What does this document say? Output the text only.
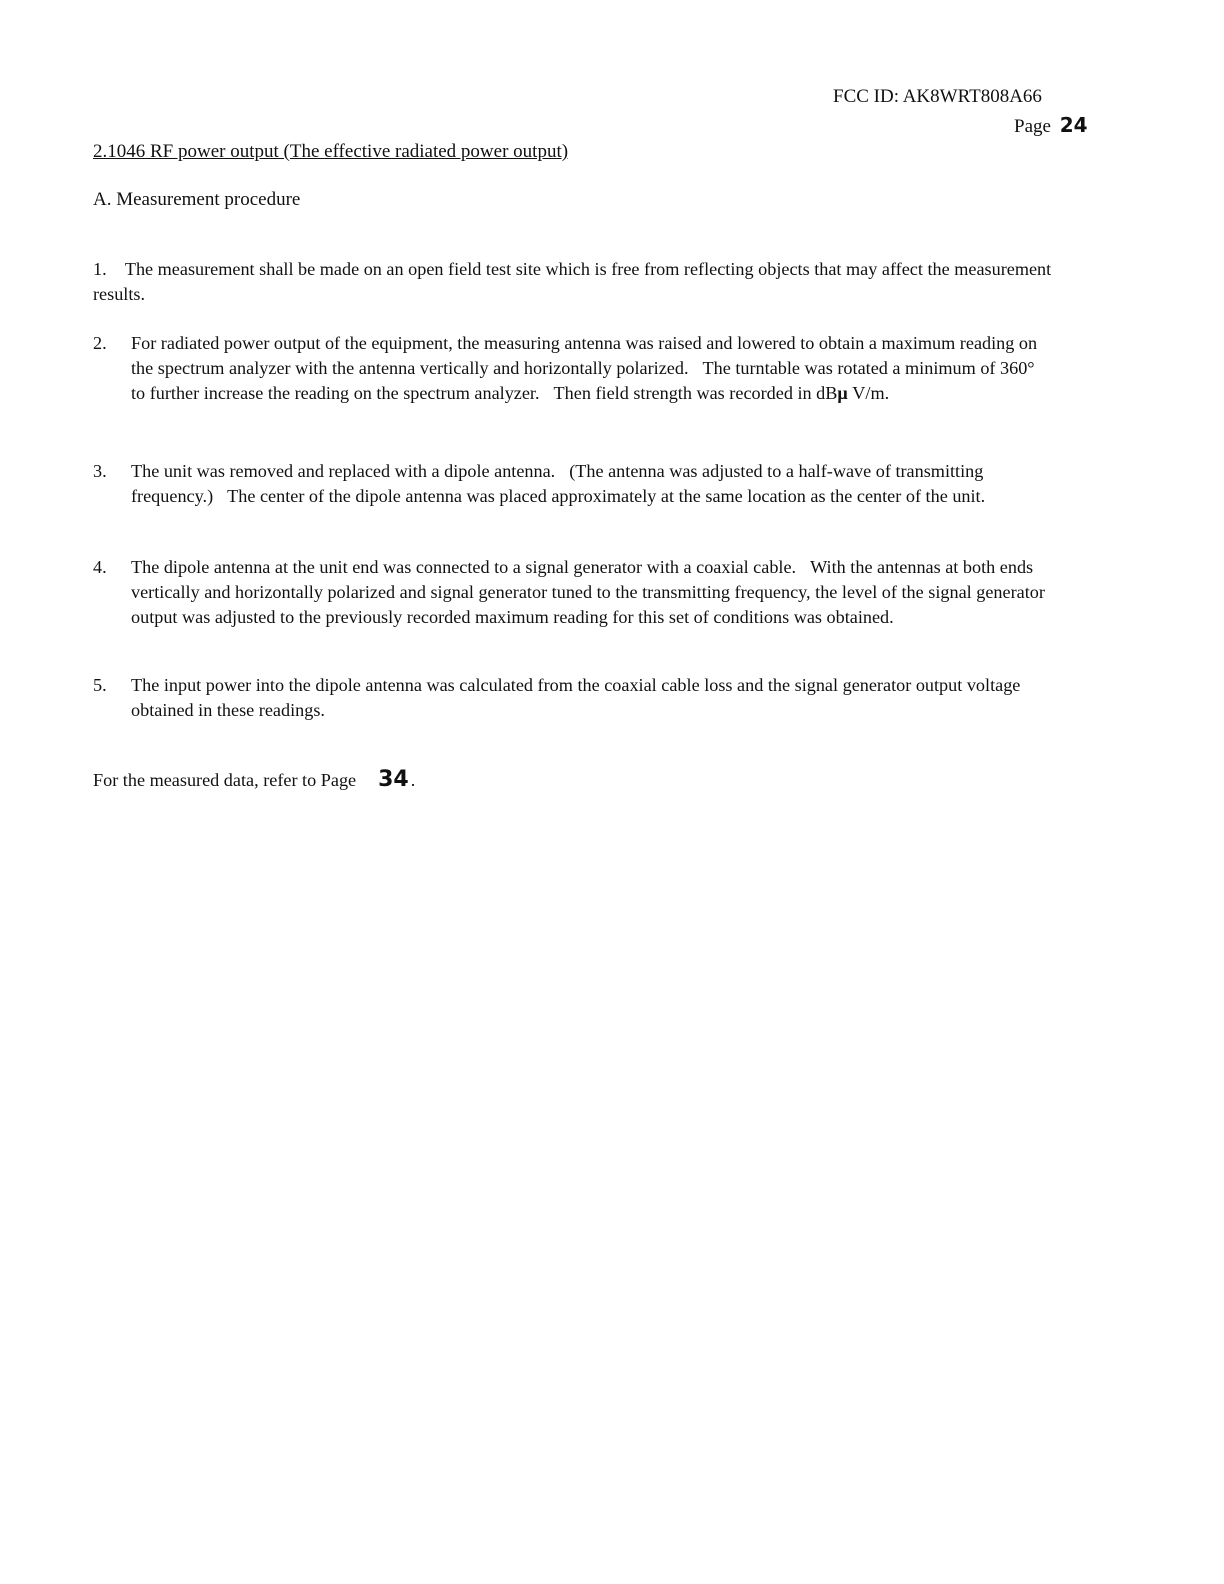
FCC ID: AK8WRT808A66
Page 24
2.1046 RF power output (The effective radiated power output)
A. Measurement procedure
1. The measurement shall be made on an open field test site which is free from reflecting objects that may affect the measurement results.
2.	For radiated power output of the equipment, the measuring antenna was raised and lowered to obtain a maximum reading on the spectrum analyzer with the antenna vertically and horizontally polarized. The turntable was rotated a minimum of 360°to further increase the reading on the spectrum analyzer. Then field strength was recorded in dBμ V/m.
3.	The unit was removed and replaced with a dipole antenna. (The antenna was adjusted to a half-wave of transmitting frequency.) The center of the dipole antenna was placed approximately at the same location as the center of the unit.
4.	The dipole antenna at the unit end was connected to a signal generator with a coaxial cable. With the antennas at both ends vertically and horizontally polarized and signal generator tuned to the transmitting frequency, the level of the signal generator output was adjusted to the previously recorded maximum reading for this set of conditions was obtained.
5.	The input power into the dipole antenna was calculated from the coaxial cable loss and the signal generator output voltage obtained in these readings.
For the measured data, refer to Page 34 .
